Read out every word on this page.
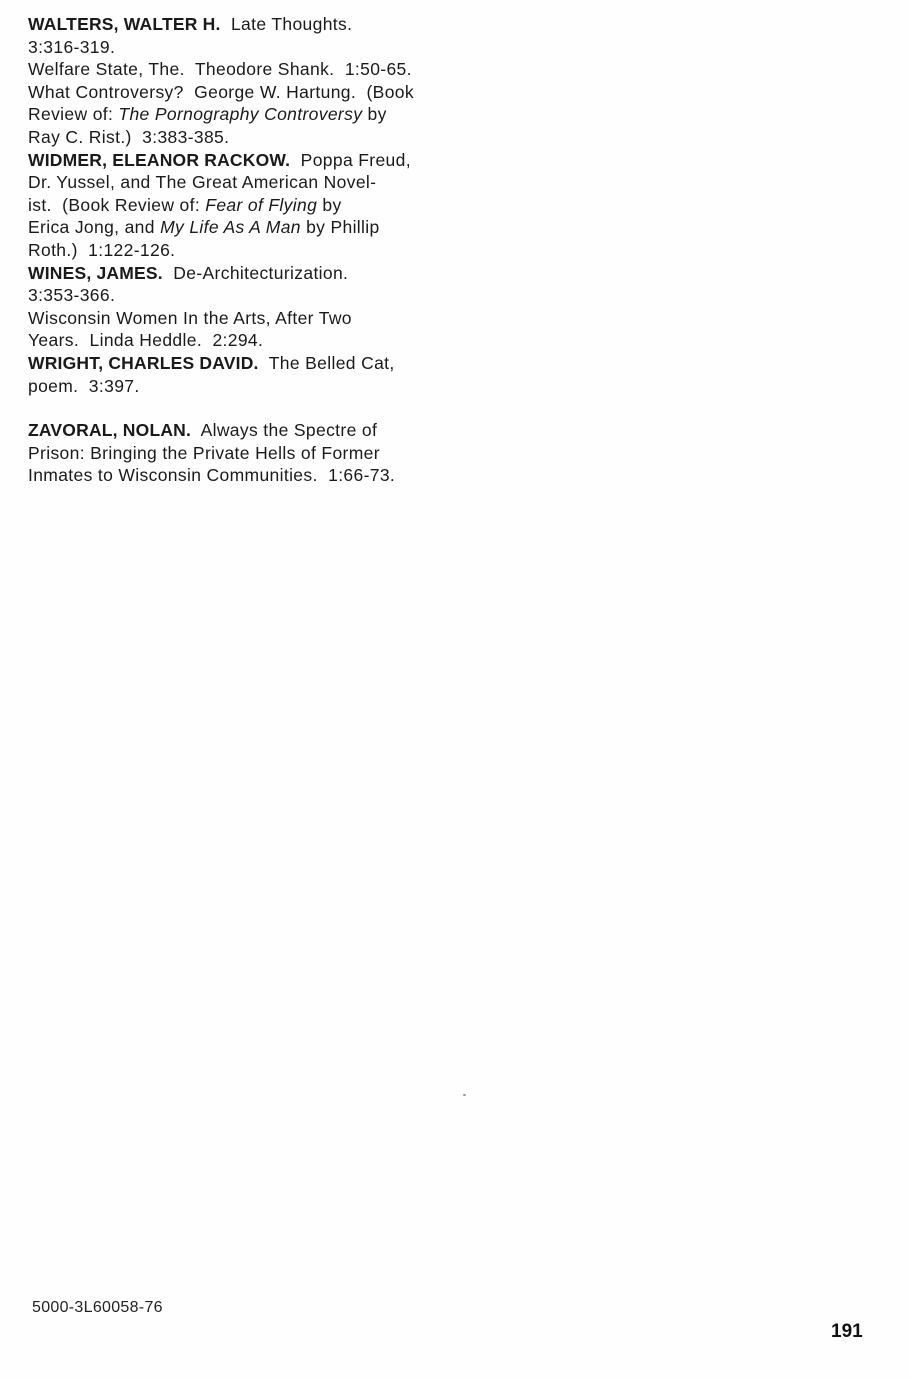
WALTERS, WALTER H. Late Thoughts.
3:316-319.

Welfare State, The.  Theodore Shank.  1:50-65.

What Controversy?  George W. Hartung.  (Book
Review of: The Pornography Controversy by
Ray C. Rist.)  3:383-385.

WIDMER, ELEANOR RACKOW. Poppa Freud,
Dr. Yussel, and The Great American Novel-
ist.  (Book Review of: Fear of Flying by
Erica Jong, and My Life As A Man by Phillip
Roth.)  1:122-126.

WINES, JAMES. De-Architecturization.
3:353-366.

Wisconsin Women In the Arts, After Two
Years.  Linda Heddle.  2:294.

WRIGHT, CHARLES DAVID. The Belled Cat,
poem.  3:397.

ZAVORAL, NOLAN. Always the Spectre of
Prison: Bringing the Private Hells of Former
Inmates to Wisconsin Communities.  1:66-73.

5000-3L60058-76
191
